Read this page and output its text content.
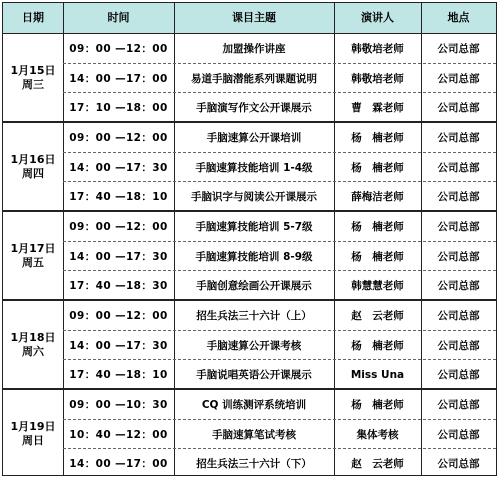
日期	时间	课目主题	演讲人	地点
1月15日
周三
09：00 —12：00	加盟操作讲座	韩敬培老师	公司总部
14：00 —17：00	易道手脑潜能系列课题说明	韩敬培老师	公司总部
17：10 —18：00	手脑演写作文公开课展示	曹　霖老师	公司总部
1月16日
周四
09：00 —12：00	手脑速算公开课培训	杨　楠老师	公司总部
14：00 —17：30	手脑速算技能培训 1-4级	杨　楠老师	公司总部
17：40 —18：10	手脑识字与阅读公开课展示	薛梅洁老师	公司总部
1月17日
周五
09：00 —12：00	手脑速算技能培训 5-7级	杨　楠老师	公司总部
14：00 —17：30	手脑速算技能培训 8-9级	杨　楠老师	公司总部
17：40 —18：30	手脑创意绘画公开课展示	韩慧慧老师	公司总部
1月18日
周六
09：00 —12：00	招生兵法三十六计（上）	赵　云老师	公司总部
14：00 —17：30	手脑速算公开课考核	杨　楠老师	公司总部
17：40 —18：10	手脑说唱英语公开课展示	Miss Una	公司总部
1月19日
周日
09：00 —10：30	CQ 训练测评系统培训	杨　楠老师	公司总部
10：40 —12：00	手脑速算笔试考核	集体考核	公司总部
14：00 —17：00	招生兵法三十六计（下）	赵　云老师	公司总部
